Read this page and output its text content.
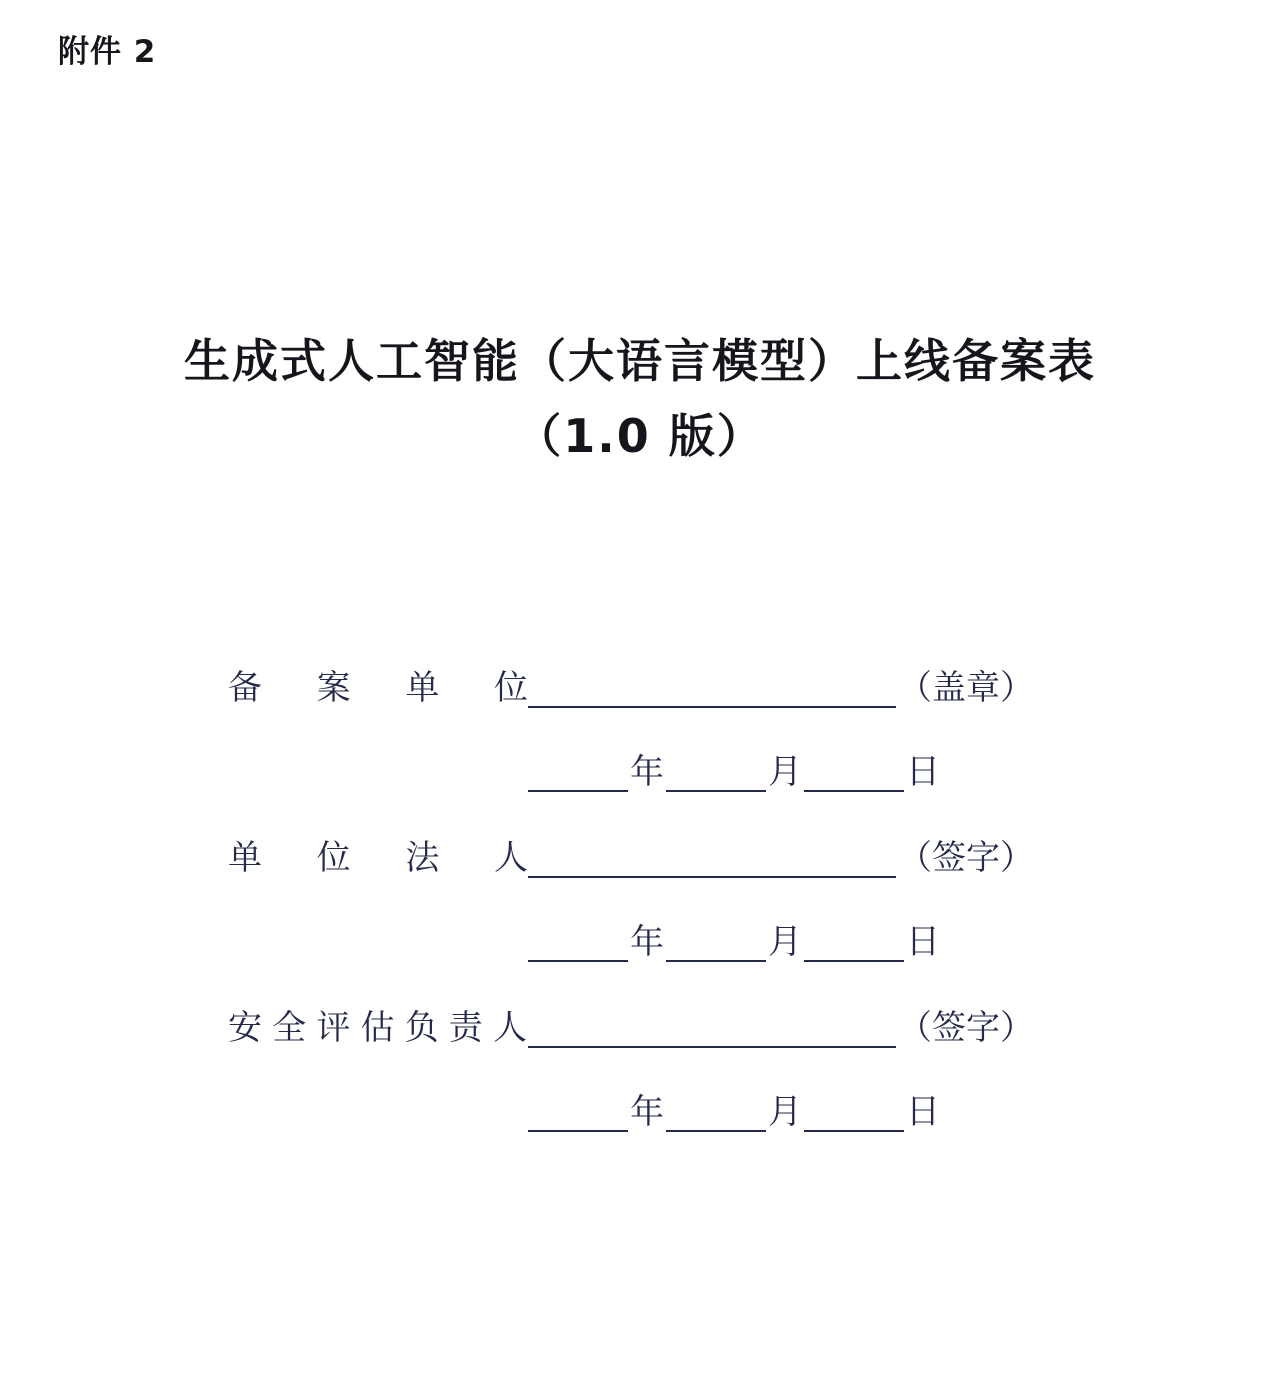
附件 2
生成式人工智能（大语言模型）上线备案表
（1.0 版）
备 案 单 位	（盖章）
年	月	日
单 位 法 人	（签字）
年	月	日
安 全 评 估 负 责 人	（签字）
年	月	日
